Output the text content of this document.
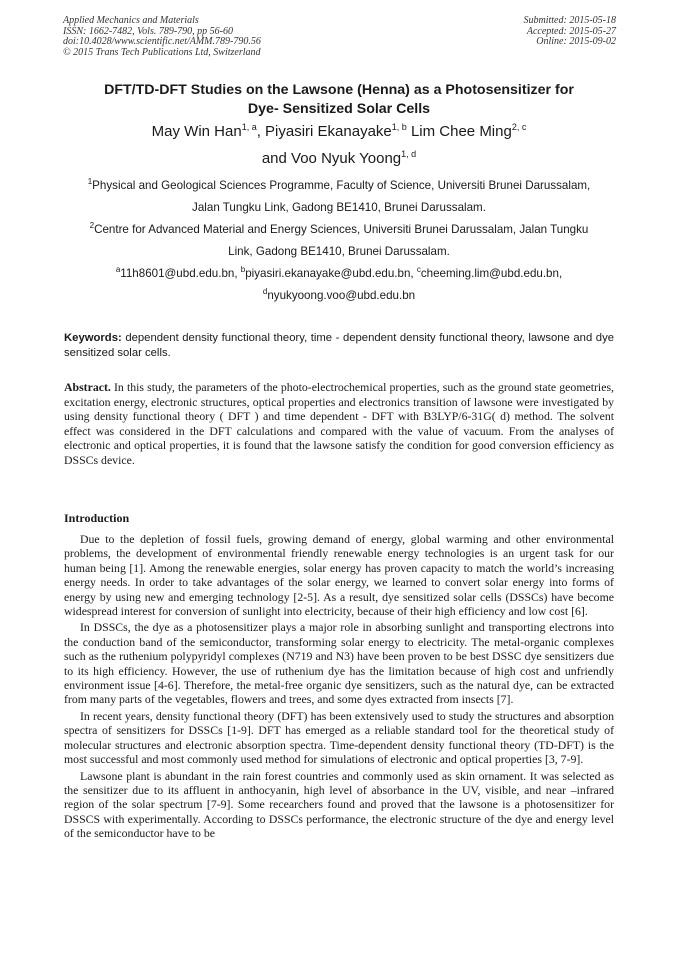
Applied Mechanics and Materials
ISSN: 1662-7482, Vols. 789-790, pp 56-60
doi:10.4028/www.scientific.net/AMM.789-790.56
© 2015 Trans Tech Publications Ltd, Switzerland
Submitted: 2015-05-18
Accepted: 2015-05-27
Online: 2015-09-02
DFT/TD-DFT Studies on the Lawsone (Henna) as a Photosensitizer for
Dye- Sensitized Solar Cells
May Win Han$^{1, a}$, Piyasiri Ekanayake$^{1, b}$ Lim Chee Ming$^{2, c}$
and Voo Nyuk Yoong$^{1, d}$
$^1$Physical and Geological Sciences Programme, Faculty of Science, Universiti Brunei Darussalam,
Jalan Tungku Link, Gadong BE1410, Brunei Darussalam.
$^2$Centre for Advanced Material and Energy Sciences, Universiti Brunei Darussalam, Jalan Tungku
Link, Gadong BE1410, Brunei Darussalam.
$^a$11h8601@ubd.edu.bn, $^b$piyasiri.ekanayake@ubd.edu.bn, $^c$cheeming.lim@ubd.edu.bn,
$^d$nyukyoong.voo@ubd.edu.bn
Keywords: dependent density functional theory, time - dependent density functional theory, lawsone and dye sensitized solar cells.
Abstract. In this study, the parameters of the photo-electrochemical properties, such as the ground state geometries, excitation energy, electronic structures, optical properties and electronics transition of lawsone were investigated by using density functional theory ( DFT ) and time dependent - DFT with B3LYP/6-31G( d) method. The solvent effect was considered in the DFT calculations and compared with the value of vacuum. From the analyses of electronic and optical properties, it is found that the lawsone satisfy the condition for good conversion efficiency as DSSCs device.
Introduction

Due to the depletion of fossil fuels, growing demand of energy, global warming and other environmental problems, the development of environmental friendly renewable energy technologies is an urgent task for our human being [1]. Among the renewable energies, solar energy has proven capacity to match the world’s increasing energy needs. In order to take advantages of the solar energy, we learned to convert solar energy into forms of energy by using new and emerging technology [2-5]. As a result, dye sensitized solar cells (DSSCs) have become widespread interest for conversion of sunlight into electricity, because of their high efficiency and low cost [6].

In DSSCs, the dye as a photosensitizer plays a major role in absorbing sunlight and transporting electrons into the conduction band of the semiconductor, transforming solar energy to electricity. The metal-organic complexes such as the ruthenium polypyridyl complexes (N719 and N3) have been proven to be best DSSC dye sensitizers due to its high efficiency. However, the use of ruthenium dye has the limitation because of high cost and unfriendly environment issue [4-6]. Therefore, the metal-free organic dye sensitizers, such as the natural dye, can be extracted from many parts of the vegetables, flowers and trees, and some dyes extracted from insects [7].

In recent years, density functional theory (DFT) has been extensively used to study the structures and absorption spectra of sensitizers for DSSCs [1-9]. DFT has emerged as a reliable standard tool for the theoretical study of molecular structures and electronic absorption spectra. Time-dependent density functional theory (TD-DFT) is the most successful and most commonly used method for simulations of electronic and optical properties [3, 7-9].

Lawsone plant is abundant in the rain forest countries and commonly used as skin ornament. It was selected as the sensitizer due to its affluent in anthocyanin, high level of absorbance in the UV, visible, and near –infrared region of the solar spectrum [7-9]. Some recearchers found and proved that the lawsone is a photosensitizer for DSSCS with experimentally. According to DSSCs performance, the electronic structure of the dye and energy level of the semiconductor have to be
